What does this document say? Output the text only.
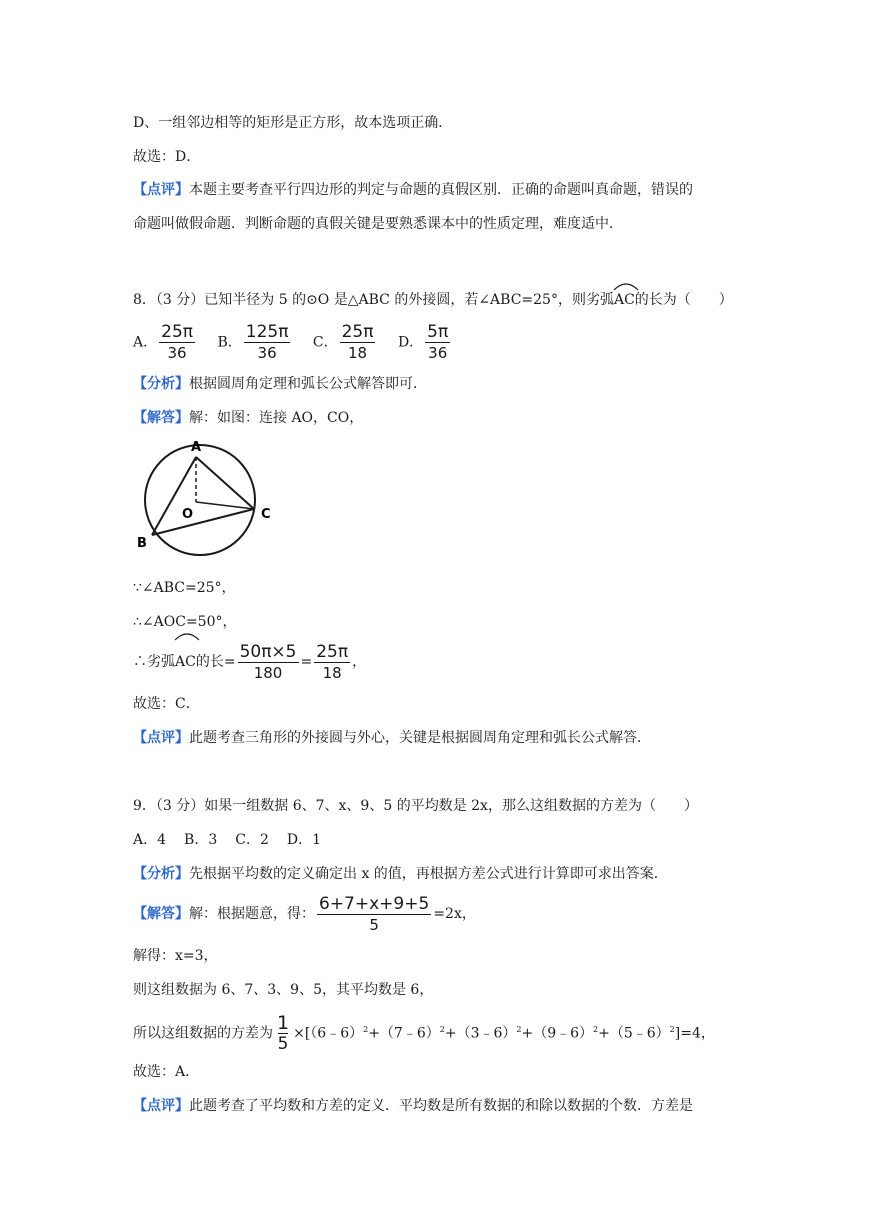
D、一组邻边相等的矩形是正方形，故本选项正确．
故选：D．
【点评】本题主要考查平行四边形的判定与命题的真假区别．正确的命题叫真命题，错误的
命题叫做假命题．判断命题的真假关键是要熟悉课本中的性质定理，难度适中．
8．（3 分）已知半径为 5 的⊙O 是△ABC 的外接圆，若∠ABC=25°，则劣弧
AC的长为（　　）
A． $\frac{25\pi}{36}$ B． $\frac{125\pi}{36}$ C． $\frac{25\pi}{18}$ D． $\frac{5\pi}{36}$
【分析】根据圆周角定理和弧长公式解答即可．
【解答】解：如图：连接 AO，CO，
A
O	C
B
∵∠ABC=25°，
∴∠AOC=50°，
∴劣弧
AC的长= $\frac{50\pi\times 5}{180} = \frac{25\pi}{18}$ ，
故选：C．
【点评】此题考查三角形的外接圆与外心，关键是根据圆周角定理和弧长公式解答．
9．（3 分）如果一组数据 6、7、x、9、5 的平均数是 2x，那么这组数据的方差为（　　）
A．4 B．3 C．2 D．1
【分析】先根据平均数的定义确定出 x 的值，再根据方差公式进行计算即可求出答案．
【解答】解：根据题意，得： $\frac{6+7+x+9+5}{5} =2x$，
解得：x=3，
则这组数据为 6、7、3、9、5，其平均数是 6，
所以这组数据的方差为 $\frac{1}{5}$ ×[（6﹣6）$^2$+（7﹣6）$^2$+（3﹣6）$^2$+（9﹣6）$^2$+（5﹣6）$^2$]=4，
故选：A．
【点评】此题考查了平均数和方差的定义．平均数是所有数据的和除以数据的个数．方差是
